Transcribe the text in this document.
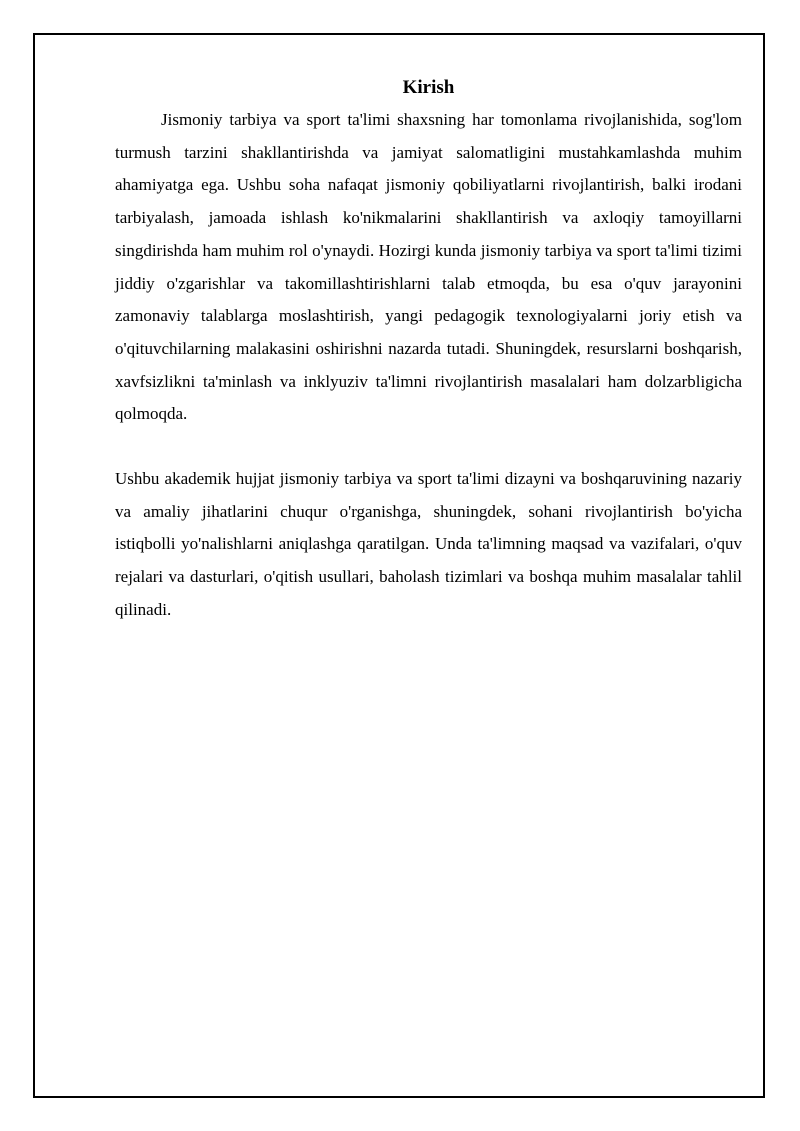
Kirish

Jismoniy tarbiya va sport ta'limi shaxsning har tomonlama rivojlanishida, sog'lom turmush tarzini shakllantirishda va jamiyat salomatligini mustahkamlashda muhim ahamiyatga ega. Ushbu soha nafaqat jismoniy qobiliyatlarni rivojlantirish, balki irodani tarbiyalash, jamoada ishlash ko'nikmalarini shakllantirish va axloqiy tamoyillarni singdirishda ham muhim rol o'ynaydi. Hozirgi kunda jismoniy tarbiya va sport ta'limi tizimi jiddiy o'zgarishlar va takomillashtirishlarni talab etmoqda, bu esa o'quv jarayonini zamonaviy talablarga moslashtirish, yangi pedagogik texnologiyalarni joriy etish va o'qituvchilarning malakasini oshirishni nazarda tutadi. Shuningdek, resurslarni boshqarish, xavfsizlikni ta'minlash va inklyuziv ta'limni rivojlantirish masalalari ham dolzarbligicha qolmoqda.

Ushbu akademik hujjat jismoniy tarbiya va sport ta'limi dizayni va boshqaruvining nazariy va amaliy jihatlarini chuqur o'rganishga, shuningdek, sohani rivojlantirish bo'yicha istiqbolli yo'nalishlarni aniqlashga qaratilgan. Unda ta'limning maqsad va vazifalari, o'quv rejalari va dasturlari, o'qitish usullari, baholash tizimlari va boshqa muhim masalalar tahlil qilinadi.
